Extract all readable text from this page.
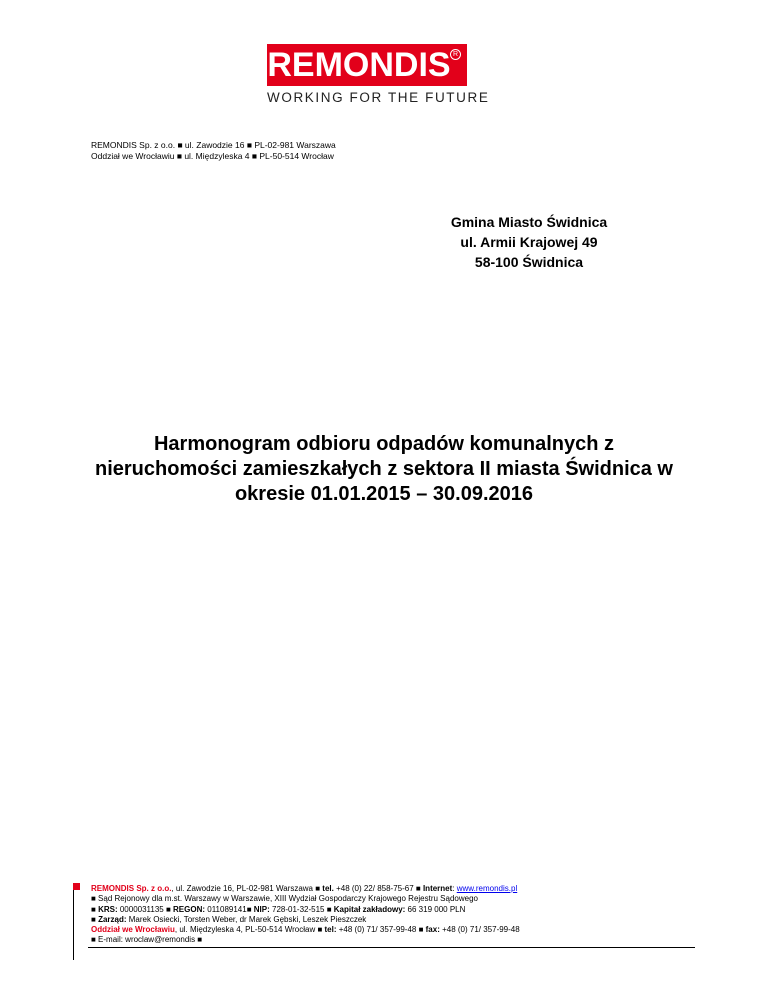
REMONDIS R
WORKING FOR THE FUTURE
REMONDIS Sp. z o.o. ■ ul. Zawodzie 16 ■ PL-02-981 Warszawa
Oddział we Wrocławiu ■ ul. Międzyleska 4 ■ PL-50-514 Wrocław
Gmina Miasto Świdnica
ul. Armii Krajowej 49
58-100 Świdnica
Harmonogram odbioru odpadów komunalnych z
nieruchomości zamieszkałych z sektora II miasta Świdnica w
okresie 01.01.2015 – 30.09.2016
REMONDIS Sp. z o.o., ul. Zawodzie 16, PL-02-981 Warszawa ■ tel. +48 (0) 22/ 858-75-67 ■ Internet: www.remondis.pl
■ Sąd Rejonowy dla m.st. Warszawy w Warszawie, XIII Wydział Gospodarczy Krajowego Rejestru Sądowego
■ KRS: 0000031135 ■ REGON: 011089141■ NIP: 728-01-32-515 ■ Kapitał zakładowy: 66 319 000 PLN
■ Zarząd: Marek Osiecki, Torsten Weber, dr Marek Gębski, Leszek Pieszczek
Oddział we Wrocławiu, ul. Międzyleska 4, PL-50-514 Wrocław ■ tel: +48 (0) 71/ 357-99-48 ■ fax: +48 (0) 71/ 357-99-48
■ E-mail: wroclaw@remondis ■
